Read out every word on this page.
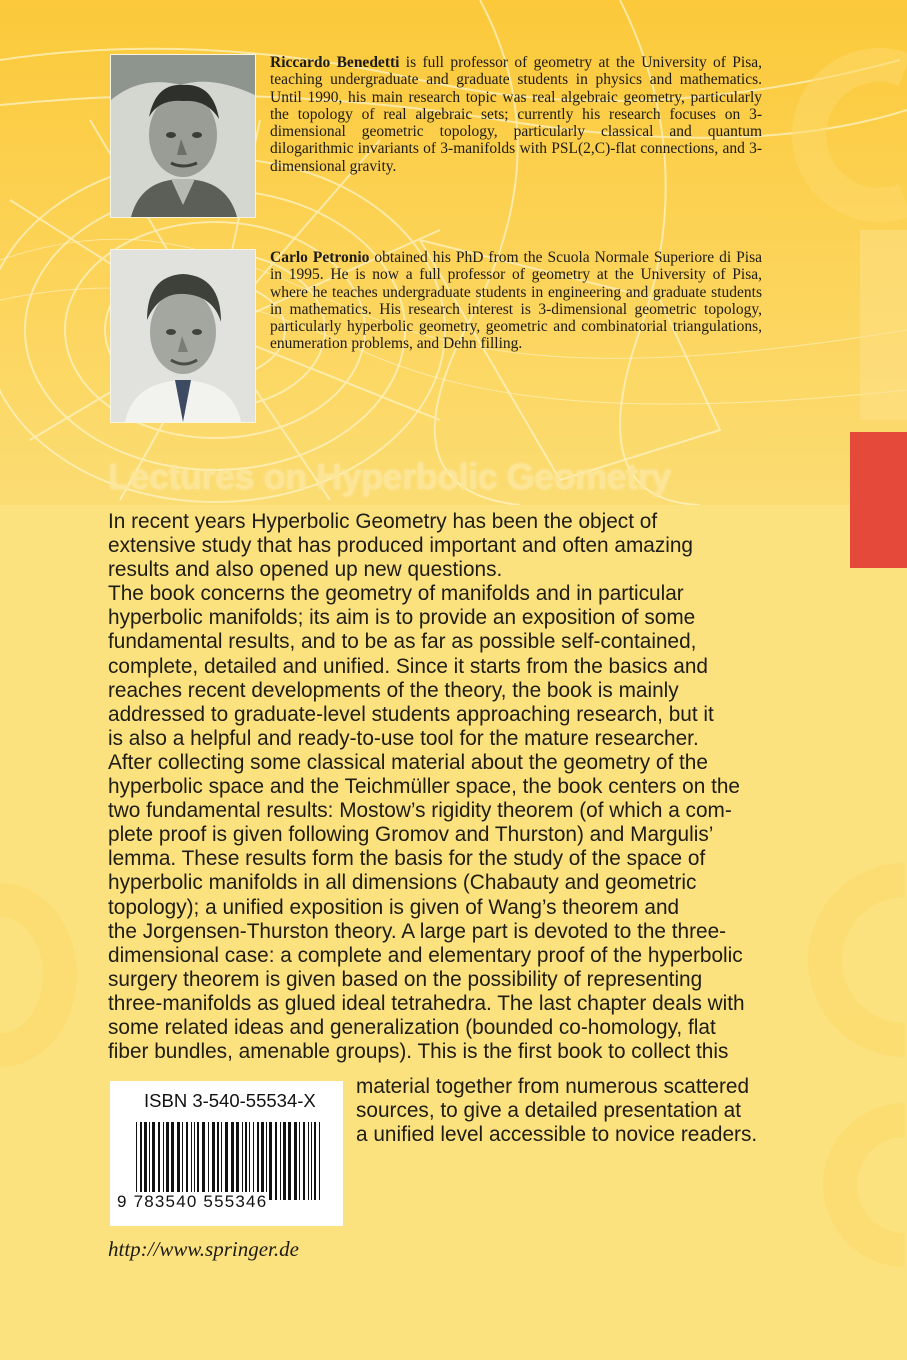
Riccardo Benedetti is full professor of geometry at the University of Pisa, teaching undergraduate and graduate students in physics and mathematics. Until 1990, his main research topic was real algebraic geometry, particularly the topology of real algebraic sets; currently his research focuses on 3-dimensional geometric topology, particularly classical and quantum dilogarithmic invariants of 3-manifolds with PSL(2,C)-flat connections, and 3-dimensional gravity.
Carlo Petronio obtained his PhD from the Scuola Normale Superiore di Pisa in 1995. He is now a full professor of geometry at the University of Pisa, where he teaches undergraduate students in engineering and graduate students in mathematics. His research interest is 3-dimensional geometric topology, particularly hyperbolic geometry, geometric and combinatorial triangulations, enumeration problems, and Dehn filling.
Lectures on Hyperbolic Geometry

In recent years Hyperbolic Geometry has been the object of

extensive study that has produced important and often amazing

results and also opened up new questions.

The book concerns the geometry of manifolds and in particular

hyperbolic manifolds; its aim is to provide an exposition of some

fundamental results, and to be as far as possible self-contained,

complete, detailed and unified. Since it starts from the basics and

reaches recent developments of the theory, the book is mainly

addressed to graduate-level students approaching research, but it

is also a helpful and ready-to-use tool for the mature researcher.

After collecting some classical material about the geometry of the

hyperbolic space and the Teichmüller space, the book centers on the

two fundamental results: Mostow’s rigidity theorem (of which a com-

plete proof is given following Gromov and Thurston) and Margulis’

lemma. These results form the basis for the study of the space of

hyperbolic manifolds in all dimensions (Chabauty and geometric

topology); a unified exposition is given of Wang’s theorem and

the Jorgensen-Thurston theory. A large part is devoted to the three-

dimensional case: a complete and elementary proof of the hyperbolic

surgery theorem is given based on the possibility of representing

three-manifolds as glued ideal tetrahedra. The last chapter deals with

some related ideas and generalization (bounded co-homology, flat

fiber bundles, amenable groups). This is the first book to collect this

material together from numerous scattered

sources, to give a detailed presentation at

a unified level accessible to novice readers.

ISBN 3-540-55534-X
9 783540 555346
http://www.springer.de
